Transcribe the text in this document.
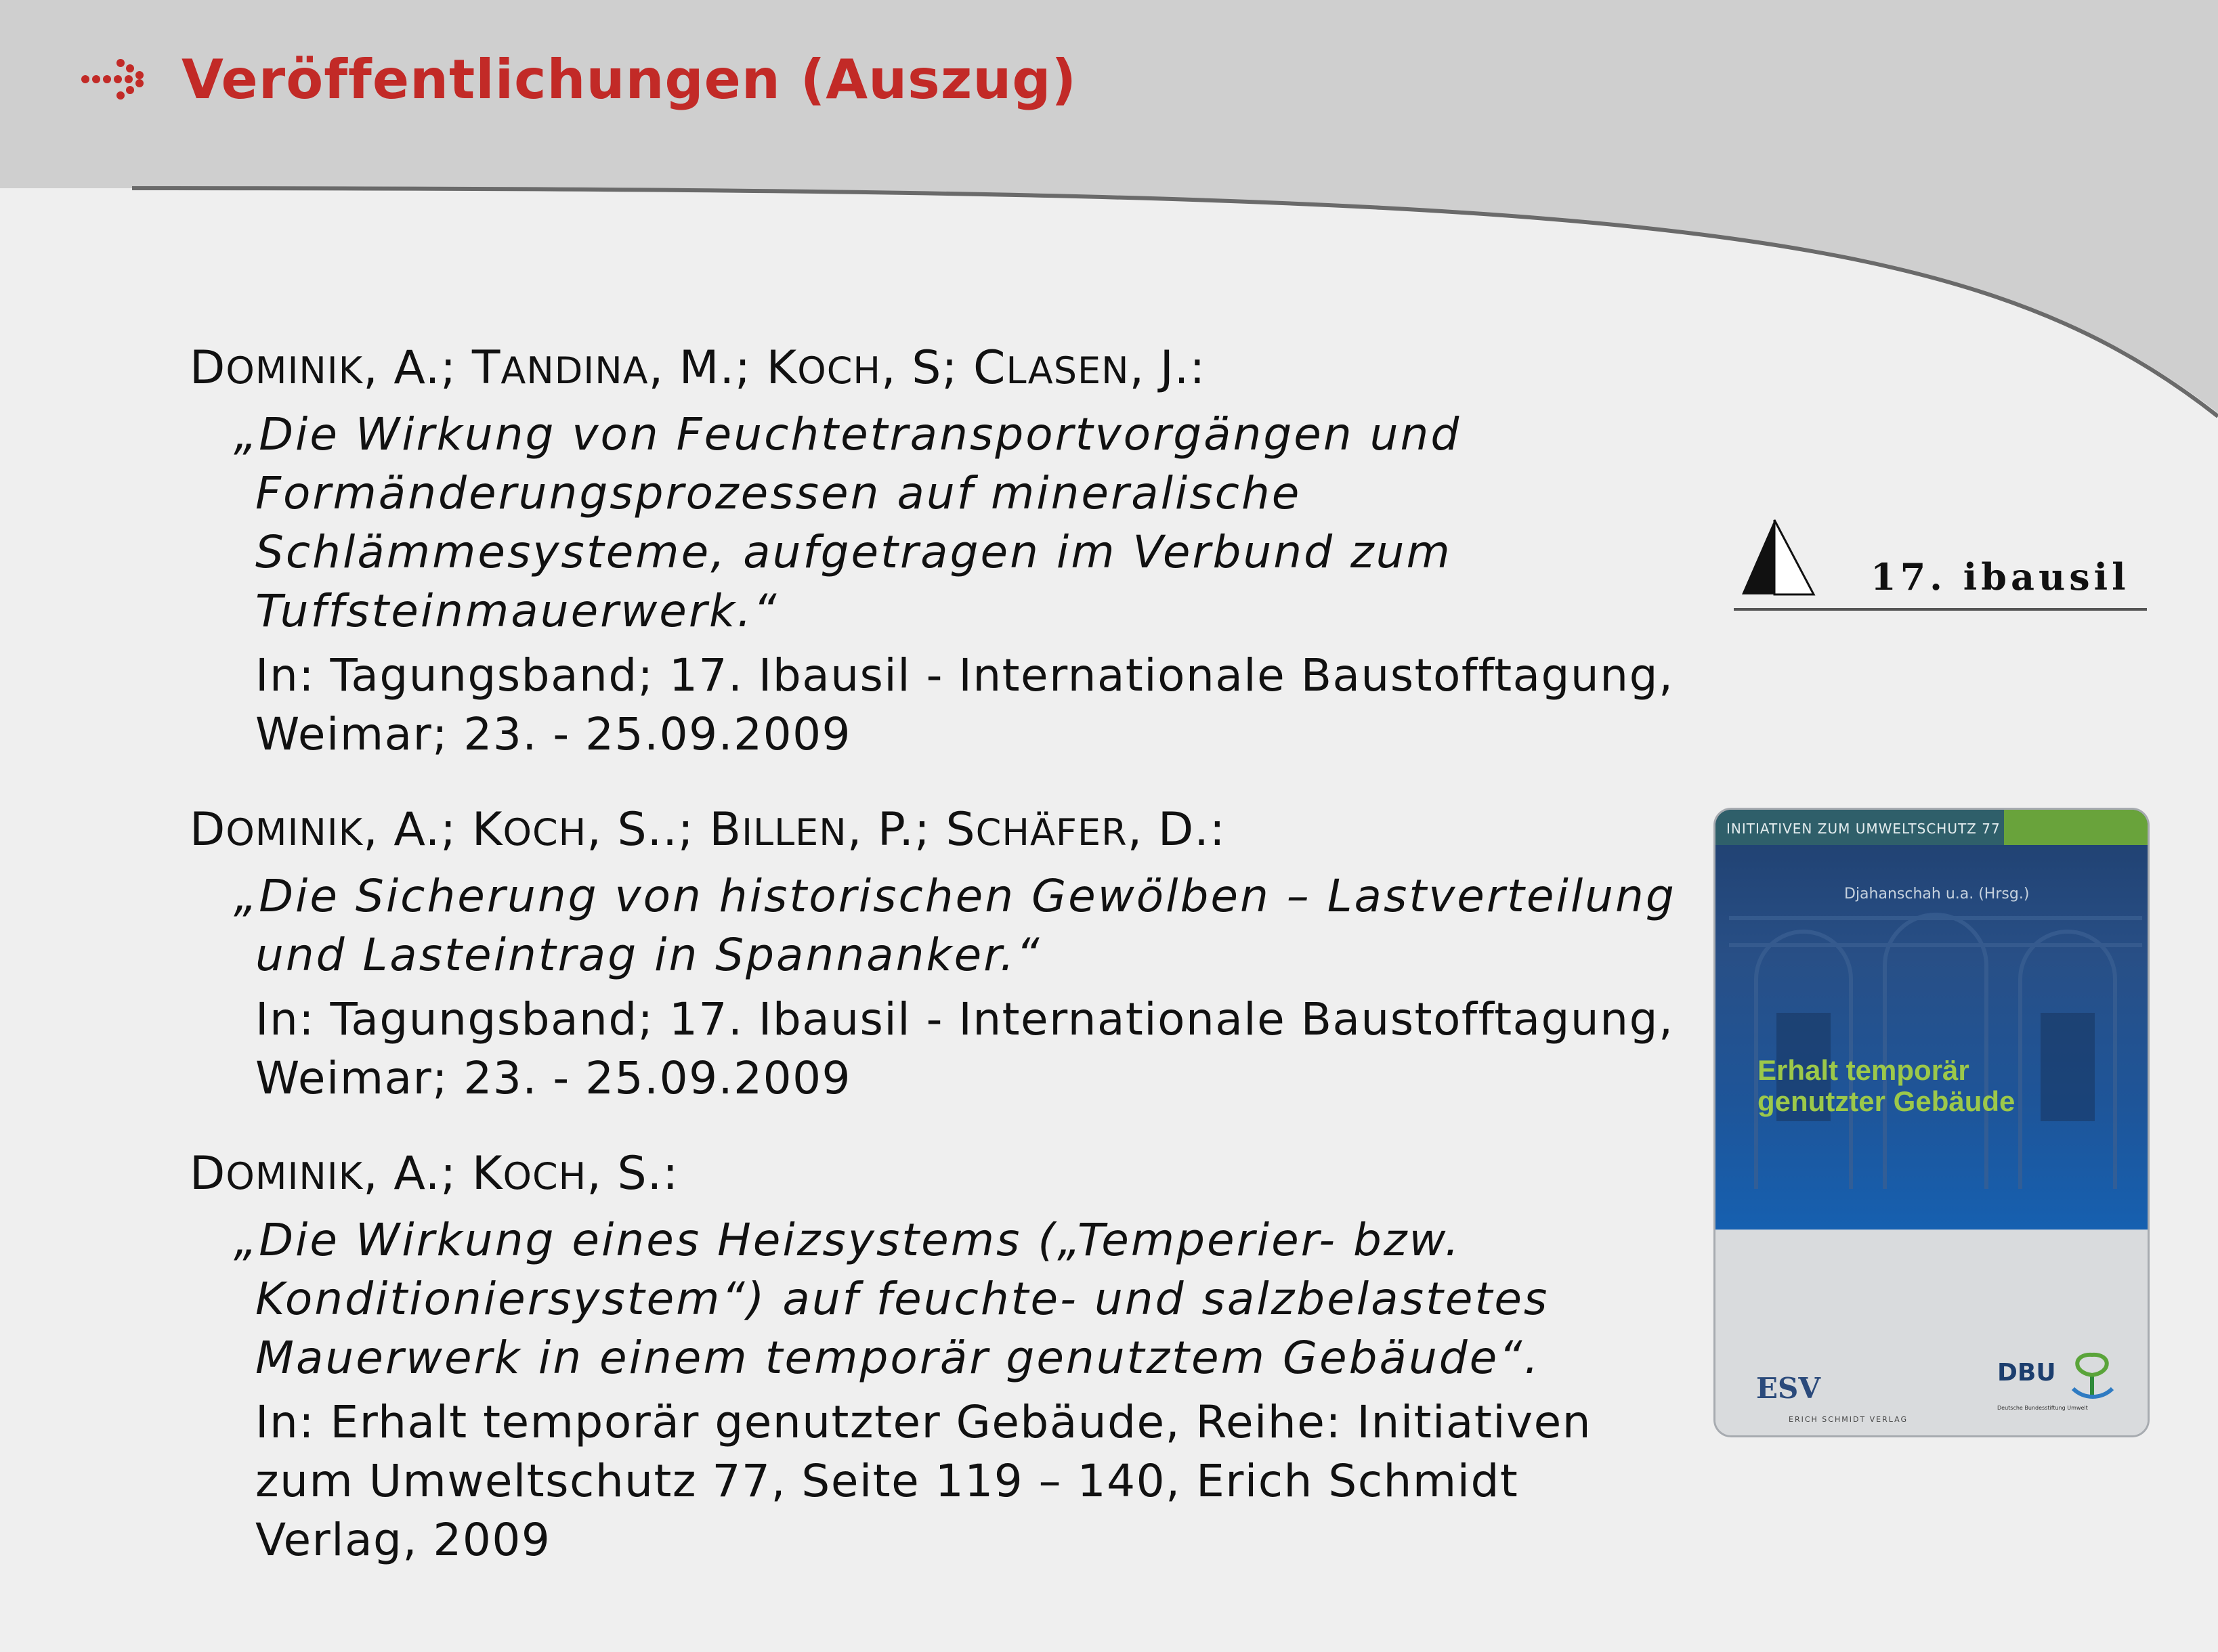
Veröffentlichungen (Auszug)
DOMINIK, A.; TANDINA, M.; KOCH, S; CLASEN, J.:
„Die Wirkung von Feuchtetransportvorgängen und Formänderungsprozessen auf mineralische Schlämmesysteme, aufgetragen im Verbund zum Tuffsteinmauerwerk.“
In: Tagungsband; 17. Ibausil - Internationale Baustofftagung, Weimar; 23. - 25.09.2009
DOMINIK, A.; KOCH, S..; BILLEN, P.; SCHÄFER, D.:
„Die Sicherung von historischen Gewölben – Lastverteilung und Lasteintrag in Spannanker.“
In: Tagungsband; 17. Ibausil - Internationale Baustofftagung, Weimar; 23. - 25.09.2009
DOMINIK, A.; KOCH, S.:
„Die Wirkung eines Heizsystems („Temperier- bzw. Konditioniersystem“) auf feuchte- und salzbelastetes Mauerwerk in einem temporär genutztem Gebäude“.
In: Erhalt temporär genutzter Gebäude, Reihe: Initiativen zum Umweltschutz 77, Seite 119 – 140, Erich Schmidt Verlag, 2009
17. ibausil
INITIATIVEN ZUM UMWELTSCHUTZ 77
Djahanschah u.a. (Hrsg.)
Erhalt temporär
genutzter Gebäude
ESV
ERICH SCHMIDT VERLAG
DBU
Deutsche Bundesstiftung Umwelt
